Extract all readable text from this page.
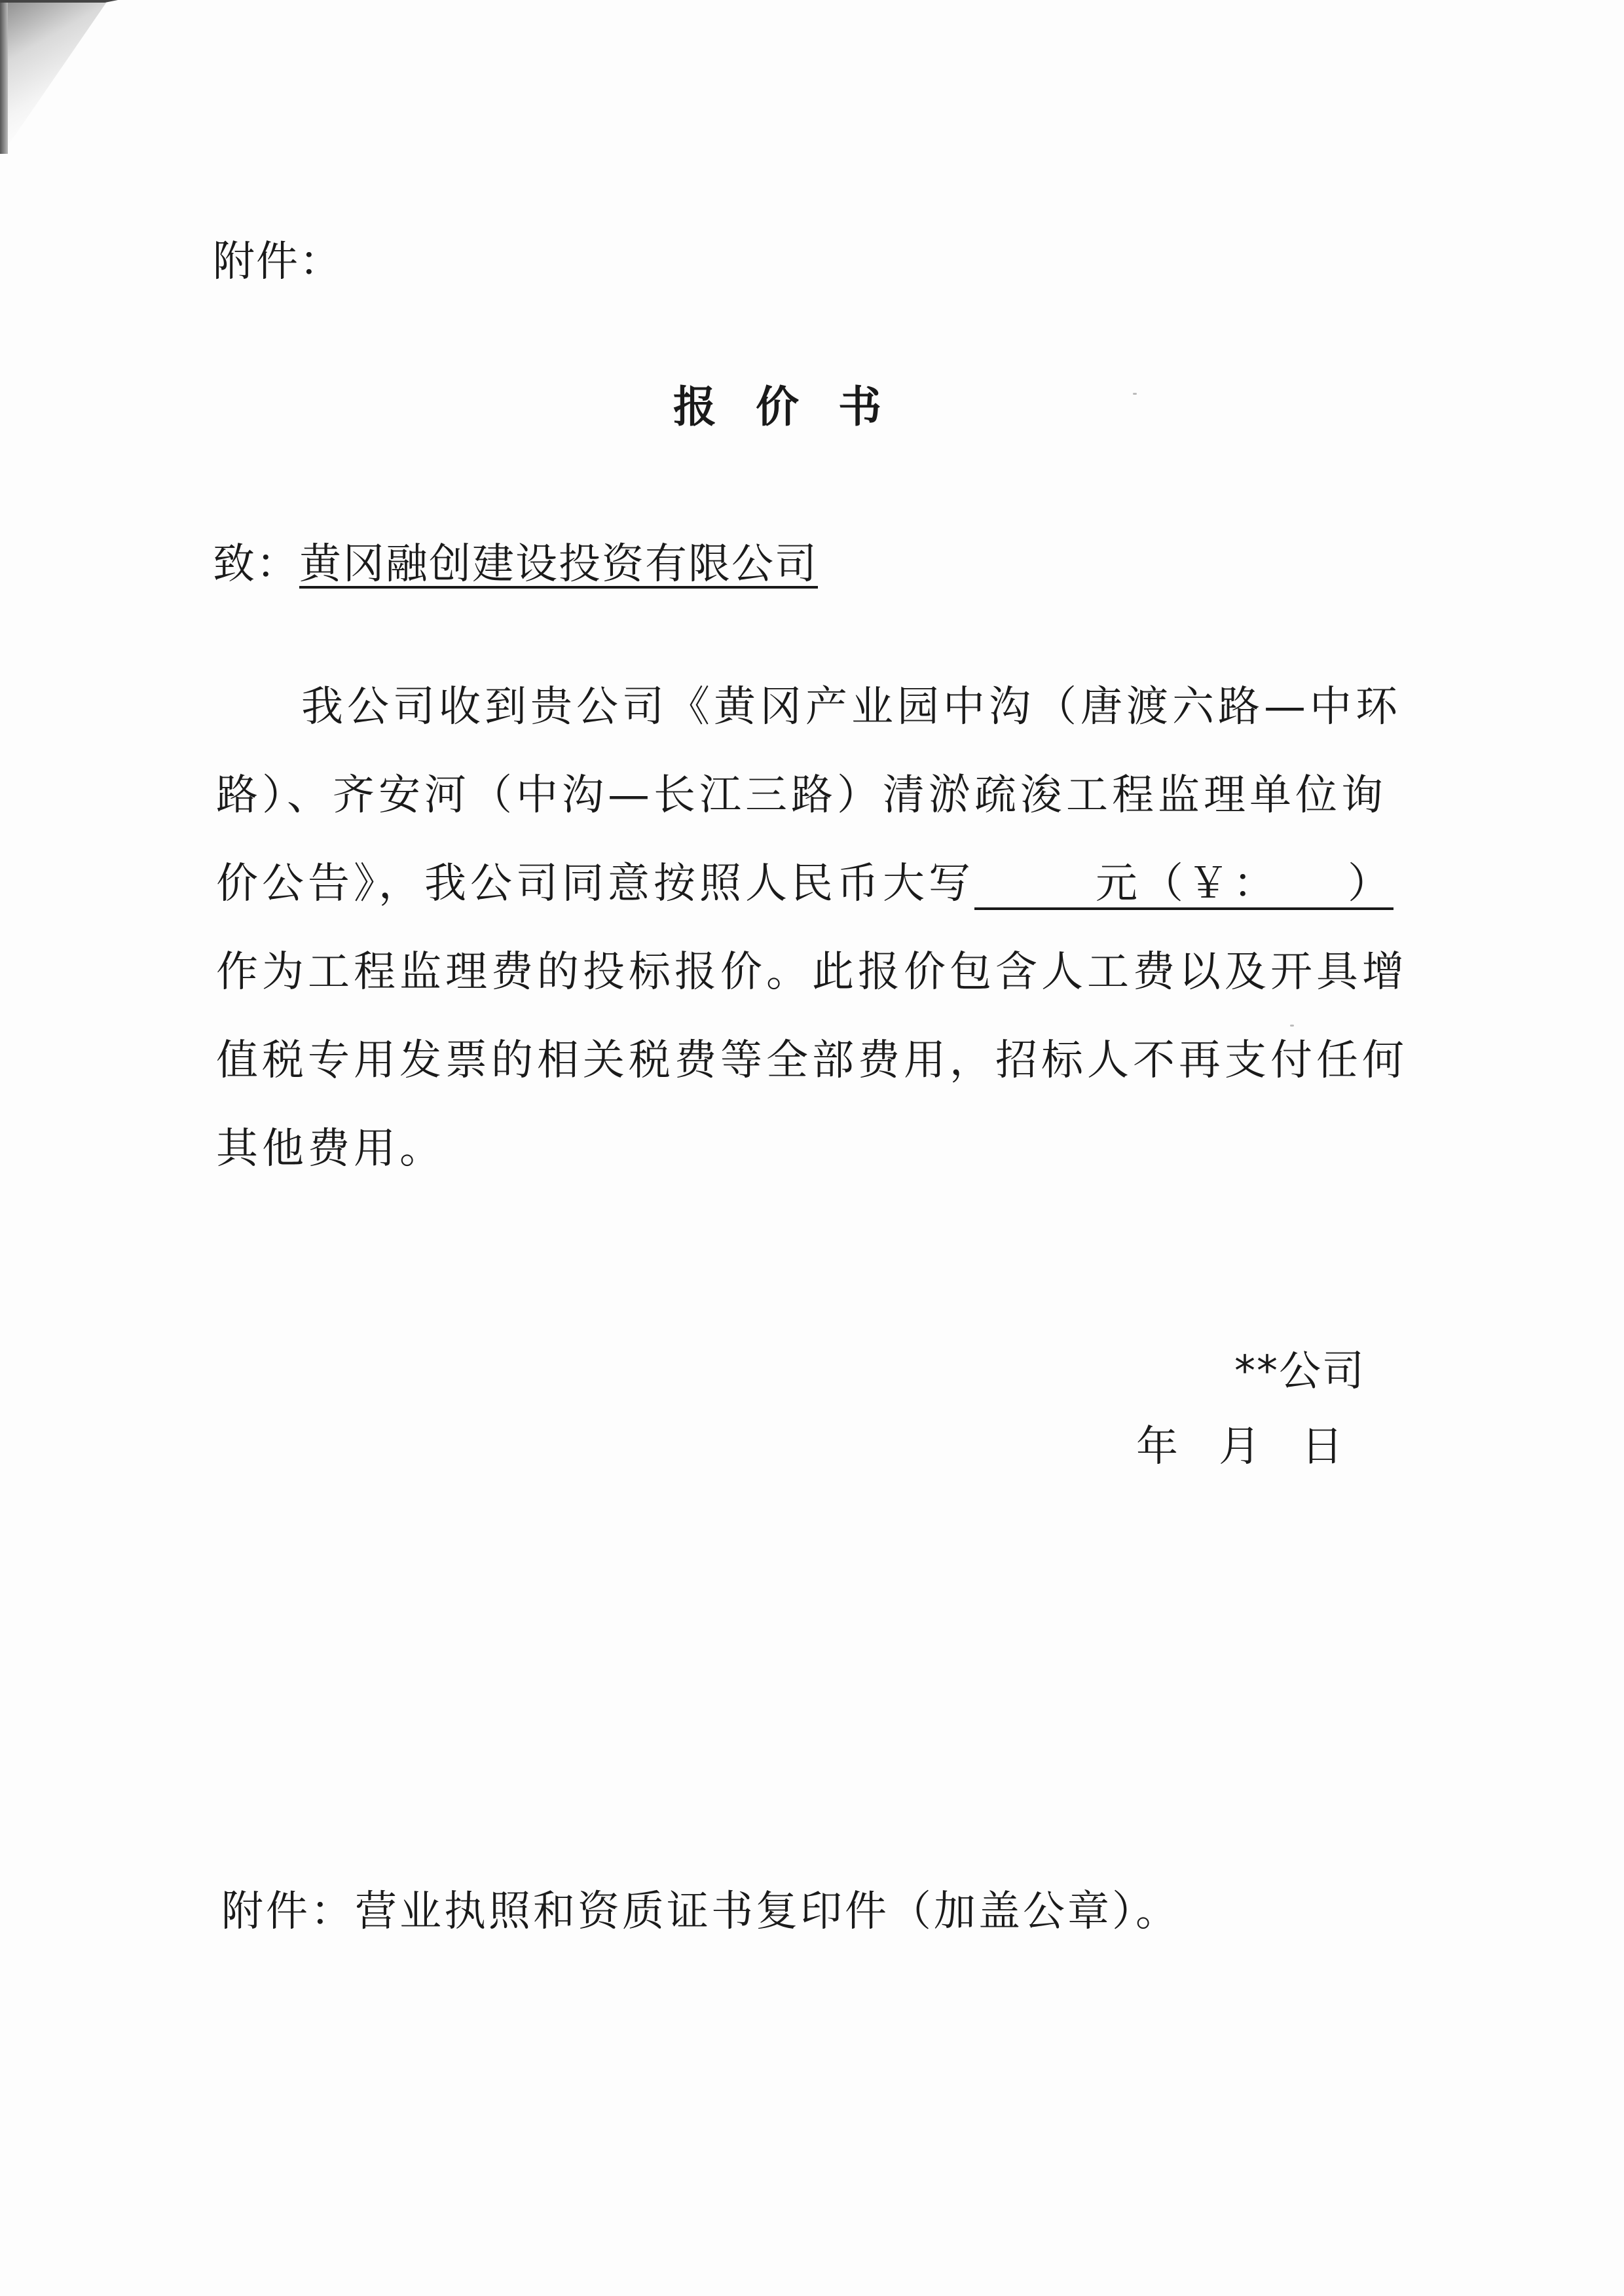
附件：
报价书
致：黄冈融创建设投资有限公司
我公司收到贵公司《黄冈产业园中沟（唐渡六路—中环
路）、齐安河（中沟—长江三路）清淤疏浚工程监理单位询
价公告》，我公司同意按照人民币大写	元（￥： ）
作为工程监理费的投标报价。此报价包含人工费以及开具增
值税专用发票的相关税费等全部费用，招标人不再支付任何
其他费用。
**公司
年 月 日
附件：营业执照和资质证书复印件（加盖公章）。
